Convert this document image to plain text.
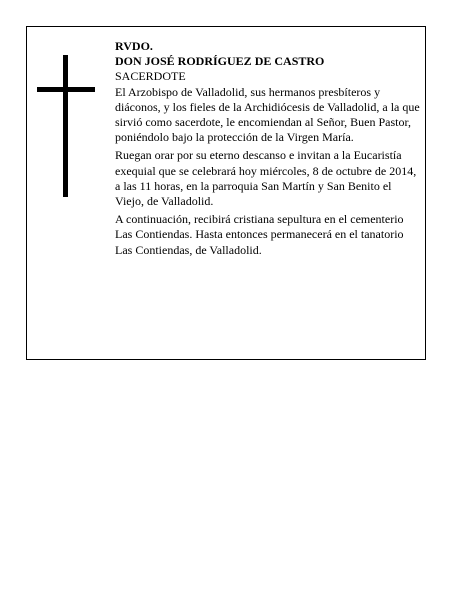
RVDO.

DON JOSÉ RODRÍGUEZ DE CASTRO

SACERDOTE

El Arzobispo de Valladolid, sus hermanos presbíteros y diáconos, y los fieles de la Archidiócesis de Valladolid, a la que sirvió como sacerdote, le encomiendan al Señor, Buen Pastor, poniéndolo bajo la protección de la Virgen María.

Ruegan orar por su eterno descanso e invitan a la Eucaristía exequial que se celebrará hoy miércoles, 8 de octubre de 2014, a las 11 horas, en la parroquia San Martín y San Benito el Viejo, de Valladolid.

A continuación, recibirá cristiana sepultura en el cementerio Las Contiendas. Hasta entonces permanecerá en el tanatorio Las Contiendas, de Valladolid.
